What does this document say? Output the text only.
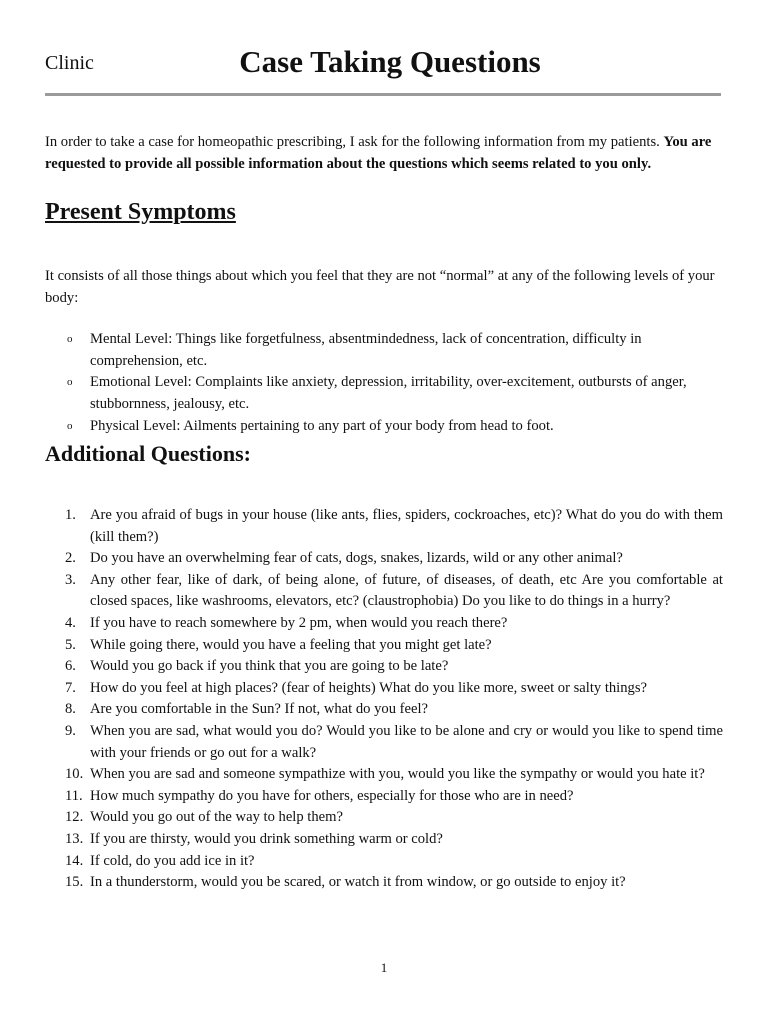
Clinic	Case Taking Questions

In order to take a case for homeopathic prescribing, I ask for the following information from my patients. You are requested to provide all possible information about the questions which seems related to you only.

Present Symptoms

It consists of all those things about which you feel that they are not “normal” at any of the following levels of your body:

o Mental Level: Things like forgetfulness, absentmindedness, lack of concentration, difficulty in comprehension, etc.
o Emotional Level: Complaints like anxiety, depression, irritability, over-excitement, outbursts of anger, stubbornness, jealousy, etc.
o Physical Level: Ailments pertaining to any part of your body from head to foot.
Additional Questions:
1. Are you afraid of bugs in your house (like ants, flies, spiders, cockroaches, etc)? What do you do with them (kill them?)
2. Do you have an overwhelming fear of cats, dogs, snakes, lizards, wild or any other animal?
3. Any other fear, like of dark, of being alone, of future, of diseases, of death, etc Are you comfortable at closed spaces, like washrooms, elevators, etc? (claustrophobia) Do you like to do things in a hurry?
4. If you have to reach somewhere by 2 pm, when would you reach there?
5. While going there, would you have a feeling that you might get late?
6. Would you go back if you think that you are going to be late?
7. How do you feel at high places? (fear of heights) What do you like more, sweet or salty things?
8. Are you comfortable in the Sun? If not, what do you feel?
9. When you are sad, what would you do? Would you like to be alone and cry or would you like to spend time with your friends or go out for a walk?
10. When you are sad and someone sympathize with you, would you like the sympathy or would you hate it?
11. How much sympathy do you have for others, especially for those who are in need?
12. Would you go out of the way to help them?
13. If you are thirsty, would you drink something warm or cold?
14. If cold, do you add ice in it?
15. In a thunderstorm, would you be scared, or watch it from window, or go outside to enjoy it?
1
